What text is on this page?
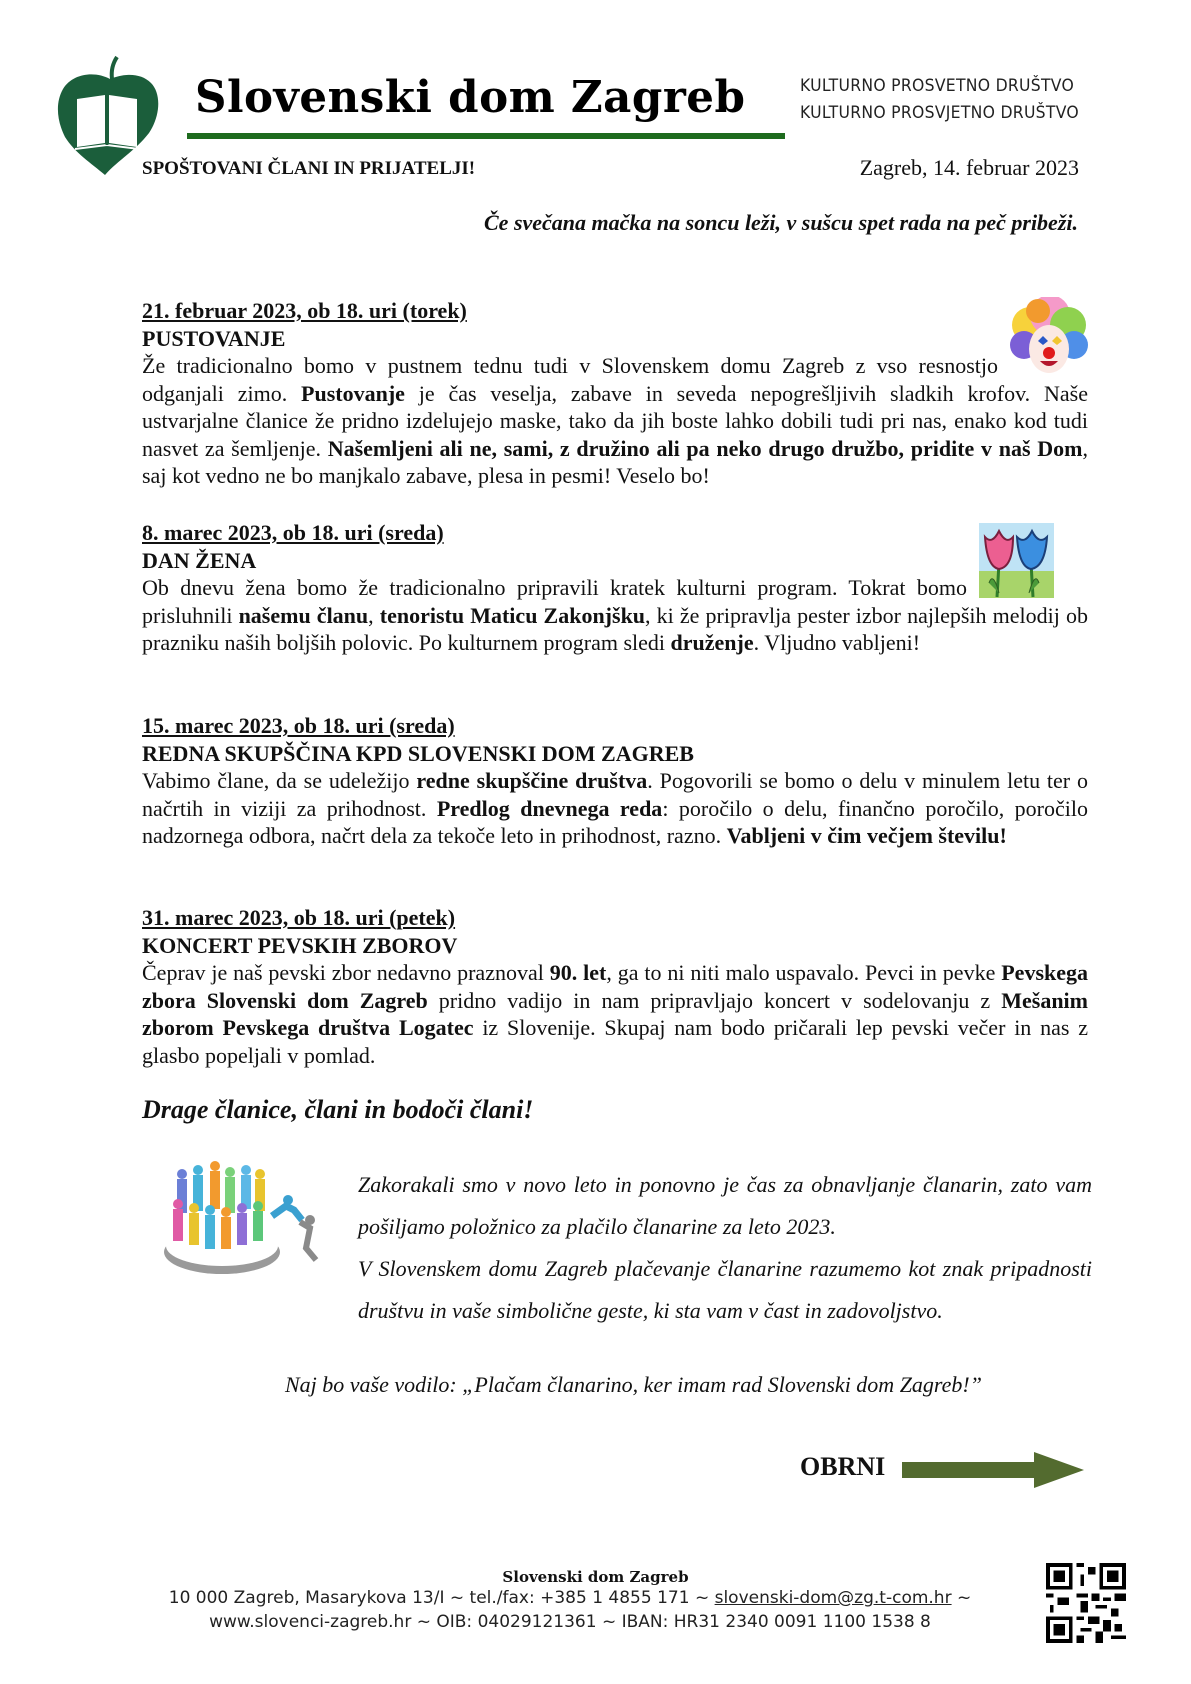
Slovenski dom Zagreb	KULTURNO PROSVETNO DRUŠTVO
KULTURNO PROSVJETNO DRUŠTVO
SPOŠTOVANI ČLANI IN PRIJATELJI!	Zagreb, 14. februar 2023
Če svečana mačka na soncu leži, v sušcu spet rada na peč pribeži.
21. februar 2023, ob 18. uri (torek)
PUSTOVANJE
Že tradicionalno bomo v pustnem tednu tudi v Slovenskem domu Zagreb z vso resnostjo odganjali zimo. Pustovanje je čas veselja, zabave in seveda nepogrešljivih sladkih krofov. Naše ustvarjalne članice že pridno izdelujejo maske, tako da jih boste lahko dobili tudi pri nas, enako kod tudi nasvet za šemljenje. Našemljeni ali ne, sami, z družino ali pa neko drugo družbo, pridite v naš Dom, saj kot vedno ne bo manjkalo zabave, plesa in pesmi! Veselo bo!
8. marec 2023, ob 18. uri (sreda)
DAN ŽENA
Ob dnevu žena bomo že tradicionalno pripravili kratek kulturni program. Tokrat bomo prisluhnili našemu članu, tenoristu Maticu Zakonjšku, ki že pripravlja pester izbor najlepših melodij ob prazniku naših boljših polovic. Po kulturnem program sledi druženje. Vljudno vabljeni!
15. marec 2023, ob 18. uri (sreda)
REDNA SKUPŠČINA KPD SLOVENSKI DOM ZAGREB
Vabimo člane, da se udeležijo redne skupščine društva. Pogovorili se bomo o delu v minulem letu ter o načrtih in viziji za prihodnost. Predlog dnevnega reda: poročilo o delu, finančno poročilo, poročilo nadzornega odbora, načrt dela za tekoče leto in prihodnost, razno. Vabljeni v čim večjem številu!
31. marec 2023, ob 18. uri (petek)
KONCERT PEVSKIH ZBOROV
Čeprav je naš pevski zbor nedavno praznoval 90. let, ga to ni niti malo uspavalo. Pevci in pevke Pevskega zbora Slovenski dom Zagreb pridno vadijo in nam pripravljajo koncert v sodelovanju z Mešanim zborom Pevskega društva Logatec iz Slovenije. Skupaj nam bodo pričarali lep pevski večer in nas z glasbo popeljali v pomlad.
Drage članice, člani in bodoči člani!
Zakorakali smo v novo leto in ponovno je čas za obnavljanje članarin, zato vam pošiljamo položnico za plačilo članarine za leto 2023.
V Slovenskem domu Zagreb plačevanje članarine razumemo kot znak pripadnosti društvu in vaše simbolične geste, ki sta vam v čast in zadovoljstvo.
Naj bo vaše vodilo: „Plačam članarino, ker imam rad Slovenski dom Zagreb!”
OBRNI
Slovenski dom Zagreb
10 000 Zagreb, Masarykova 13/I ~ tel./fax: +385 1 4855 171 ~ slovenski-dom@zg.t-com.hr ~
www.slovenci-zagreb.hr ~ OIB: 04029121361 ~ IBAN: HR31 2340 0091 1100 1538 8
